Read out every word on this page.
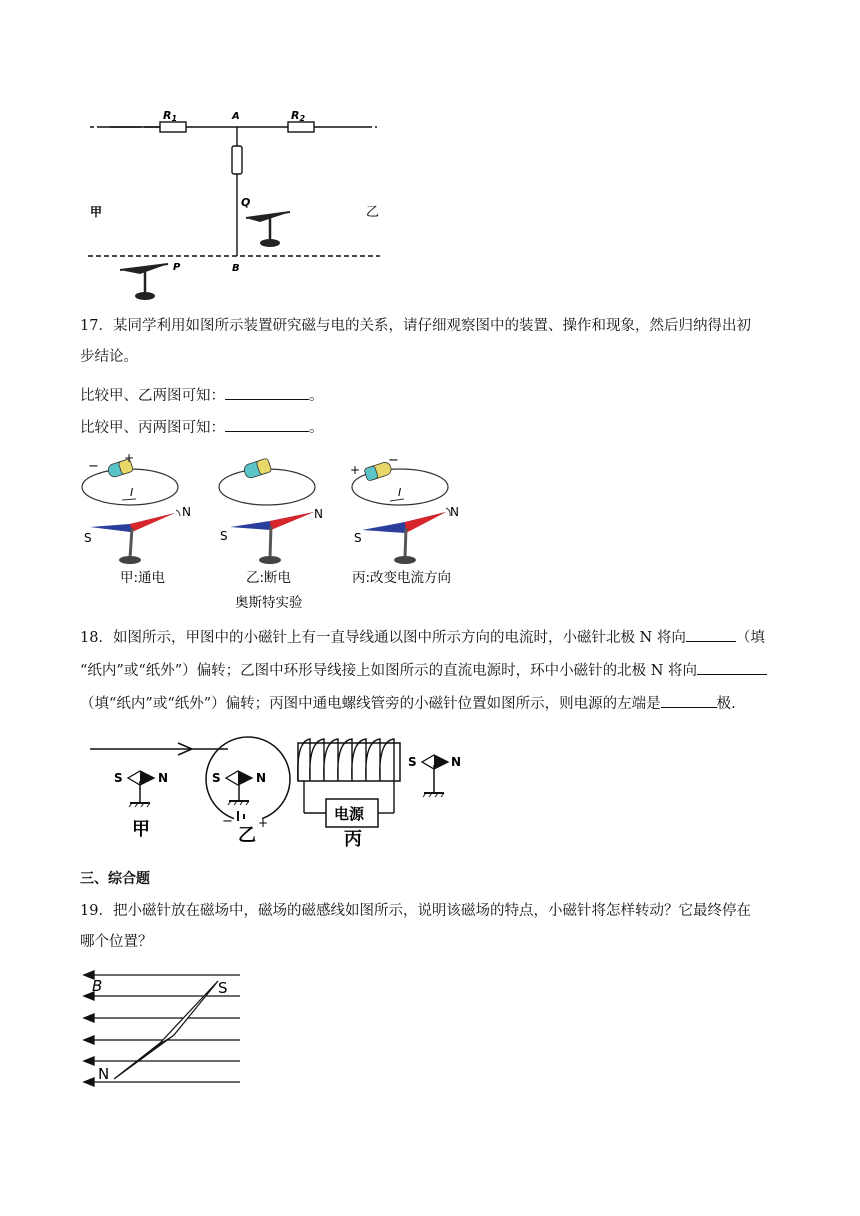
R1	R2
A
B
Q
P
甲	乙
17．某同学利用如图所示装置研究磁与电的关系，请仔细观察图中的装置、操作和现象，然后归纳得出初
步结论。
比较甲、乙两图可知：	。
比较甲、丙两图可知：	。
−
+
I
S
N
甲:通电
S
N
乙:断电
奥斯特实验
+
−
I
S
N
丙:改变电流方向
18．如图所示，甲图中的小磁针上有一直导线通以图中所示方向的电流时，小磁针北极 N 将向	（填
“纸内”或“纸外”）偏转；乙图中环形导线接上如图所示的直流电源时，环中小磁针的北极 N 将向
（填“纸内”或“纸外”）偏转；丙图中通电螺线管旁的小磁针位置如图所示，则电源的左端是	极.
S	N
甲
S	N
− +
乙
电源
丙
S	N
三、综合题
19．把小磁针放在磁场中，磁场的磁感线如图所示，说明该磁场的特点，小磁针将怎样转动？它最终停在
哪个位置？
B	S
N
